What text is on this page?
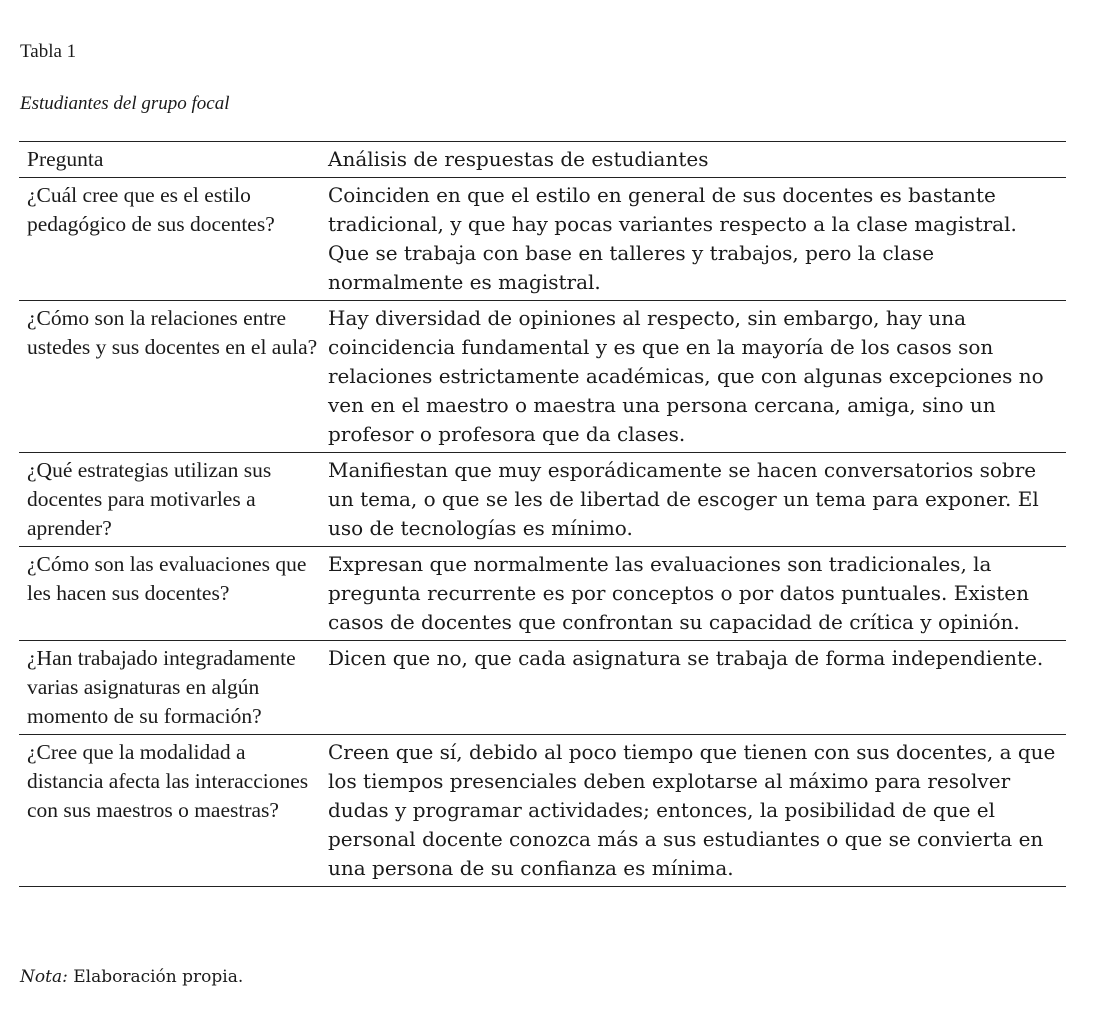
Tabla 1
Estudiantes del grupo focal
Pregunta	Análisis de respuestas de estudiantes
¿Cuál cree que es el estilo pedagógico de sus docentes?	Coinciden en que el estilo en general de sus docentes es bastante tradicional, y que hay pocas variantes respecto a la clase magistral. Que se trabaja con base en talleres y trabajos, pero la clase normalmente es magistral.
¿Cómo son la relaciones entre ustedes y sus docentes en el aula?	Hay diversidad de opiniones al respecto, sin embargo, hay una coincidencia fundamental y es que en la mayoría de los casos son relaciones estrictamente académicas, que con algunas excepciones no ven en el maestro o maestra una persona cercana, amiga, sino un profesor o profesora que da clases.
¿Qué estrategias utilizan sus docentes para motivarles a aprender?	Manifiestan que muy esporádicamente se hacen conversatorios sobre un tema, o que se les de libertad de escoger un tema para exponer. El uso de tecnologías es mínimo.
¿Cómo son las evaluaciones que les hacen sus docentes?	Expresan que normalmente las evaluaciones son tradicionales, la pregunta recurrente es por conceptos o por datos puntuales. Existen casos de docentes que confrontan su capacidad de crítica y opinión.
¿Han trabajado integradamente varias asignaturas en algún momento de su formación?	Dicen que no, que cada asignatura se trabaja de forma independiente.
¿Cree que la modalidad a distancia afecta las interacciones con sus maestros o maestras?	Creen que sí, debido al poco tiempo que tienen con sus docentes, a que los tiempos presenciales deben explotarse al máximo para resolver dudas y programar actividades; entonces, la posibilidad de que el personal docente conozca más a sus estudiantes o que se convierta en una persona de su confianza es mínima.
Nota: Elaboración propia.
